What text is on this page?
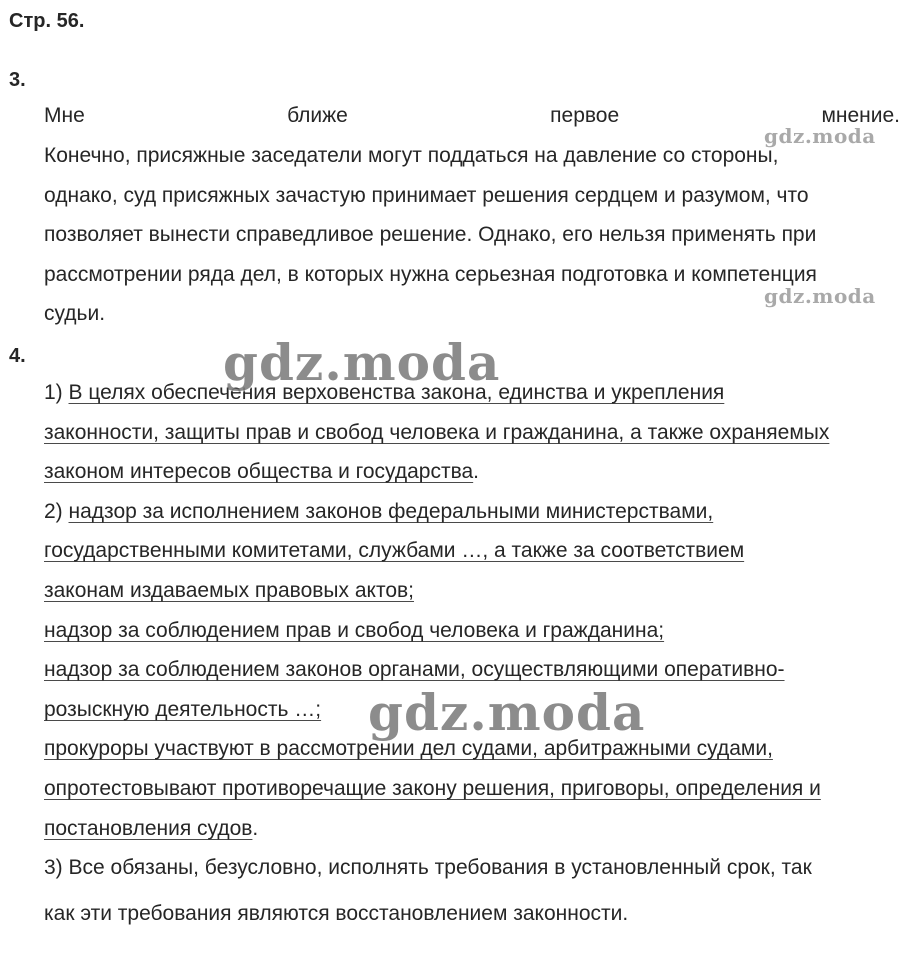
Стр. 56.
3.
Мне	ближе	первое	мнение.
Конечно, присяжные заседатели могут поддаться на давление со стороны,
однако, суд присяжных зачастую принимает решения сердцем и разумом, что
позволяет вынести справедливое решение. Однако, его нельзя применять при
рассмотрении ряда дел, в которых нужна серьезная подготовка и компетенция
судьи.
4.
1) В целях обеспечения верховенства закона, единства и укрепления
законности, защиты прав и свобод человека и гражданина, а также охраняемых
законом интересов общества и государства.
2) надзор за исполнением законов федеральными министерствами,
государственными комитетами, службами …, а также за соответствием
законам издаваемых правовых актов;
надзор за соблюдением прав и свобод человека и гражданина;
надзор за соблюдением законов органами, осуществляющими оперативно-
розыскную деятельность …;
прокуроры участвуют в рассмотрении дел судами, арбитражными судами,
опротестовывают противоречащие закону решения, приговоры, определения и
постановления судов.
3) Все обязаны, безусловно, исполнять требования в установленный срок, так
как эти требования являются восстановлением законности.
gdz.moda
gdz.moda
gdz.moda
gdz.moda
